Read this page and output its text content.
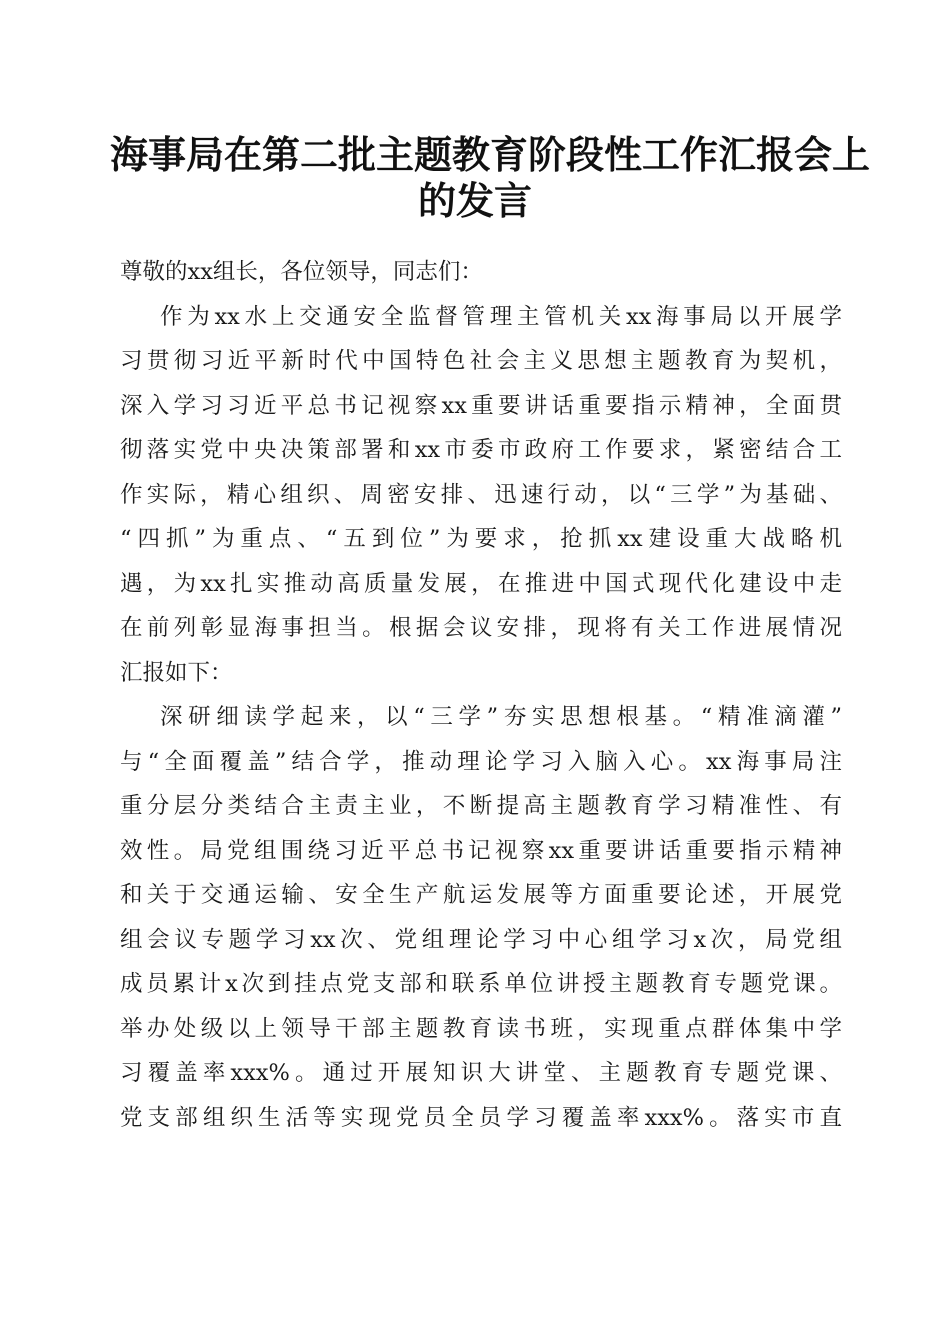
海事局在第二批主题教育阶段性工作汇报会上
的发言
尊敬的xx组长，各位领导，同志们：
作为xx水上交通安全监督管理主管机关xx海事局以开展学
习贯彻习近平新时代中国特色社会主义思想主题教育为契机，
深入学习习近平总书记视察xx重要讲话重要指示精神，全面贯
彻落实党中央决策部署和xx市委市政府工作要求，紧密结合工
作实际，精心组织、周密安排、迅速行动，以“三学”为基础、
“四抓”为重点、“五到位”为要求，抢抓xx建设重大战略机
遇，为xx扎实推动高质量发展，在推进中国式现代化建设中走
在前列彰显海事担当。根据会议安排，现将有关工作进展情况
汇报如下：
深研细读学起来，以“三学”夯实思想根基。“精准滴灌”
与“全面覆盖”结合学，推动理论学习入脑入心。xx海事局注
重分层分类结合主责主业，不断提高主题教育学习精准性、有
效性。局党组围绕习近平总书记视察xx重要讲话重要指示精神
和关于交通运输、安全生产航运发展等方面重要论述，开展党
组会议专题学习xx次、党组理论学习中心组学习x次，局党组
成员累计x次到挂点党支部和联系单位讲授主题教育专题党课。
举办处级以上领导干部主题教育读书班，实现重点群体集中学
习覆盖率xxx%。通过开展知识大讲堂、主题教育专题党课、
党支部组织生活等实现党员全员学习覆盖率xxx%。落实市直
